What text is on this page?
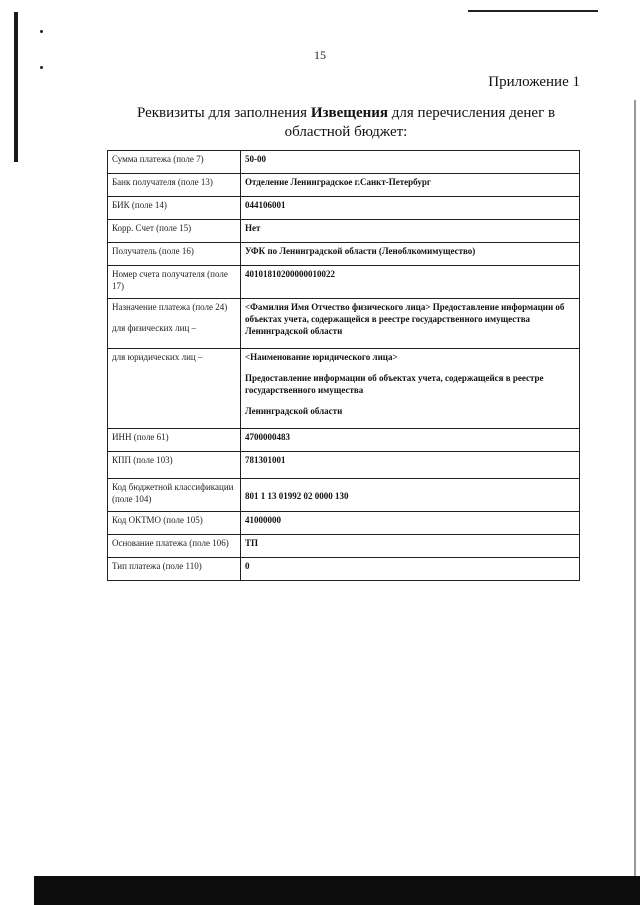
15
Приложение 1
Реквизиты для заполнения Извещения для перечисления денег в областной бюджет:
Сумма платежа (поле 7)	50-00
Банк получателя (поле 13)	Отделение Ленинградское г.Санкт-Петербург
БИК (поле 14)	044106001
Корр. Счет (поле 15)	Нет
Получатель (поле 16)	УФК по Ленинградской области (Леноблкомимущество)
Номер счета получателя (поле 17)	40101810200000010022

Назначение платежа (поле 24)
для физических лиц –	<Фамилия Имя Отчество физического лица> Предоставление информации об объектах учета, содержащейся в реестре государственного имущества Ленинградской области
для юридических лиц –	<Наименование юридического лица>
Предоставление информации об объектах учета, содержащейся в реестре государственного имущества
Ленинградской области

ИНН (поле 61)	4700000483
КПП (поле 103)	781301001
Код бюджетной классификации (поле 104)	801 1 13 01992 02 0000 130
Код ОКТМО (поле 105)	41000000
Основание платежа (поле 106)	ТП
Тип платежа (поле 110)	0
